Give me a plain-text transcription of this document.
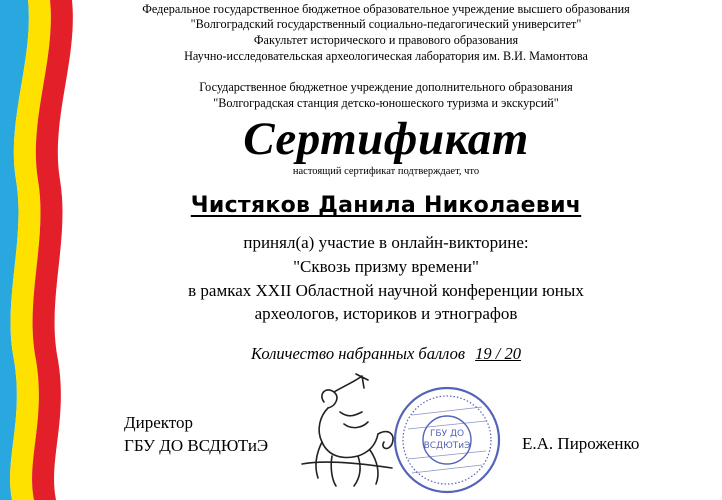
Федеральное государственное бюджетное образовательное учреждение высшего образования
"Волгоградский государственный социально-педагогический университет"
Факультет исторического и правового образования
Научно-исследовательская археологическая лаборатория им. В.И. Мамонтова
Государственное бюджетное учреждение дополнительного образования
"Волгоградская станция детско-юношеского туризма и экскурсий"
Сертификат
настоящий сертификат подтверждает, что
Чистяков Данила Николаевич
принял(а) участие в онлайн-викторине:
"Сквозь призму времени"
в рамках XXII Областной научной конференции юных
археологов, историков и этнографов
Количество набранных баллов 19 / 20
Директор
ГБУ ДО ВСДЮТиЭ
ГБУ ДО
ВСДЮТиЭ	Е.А. Пироженко
